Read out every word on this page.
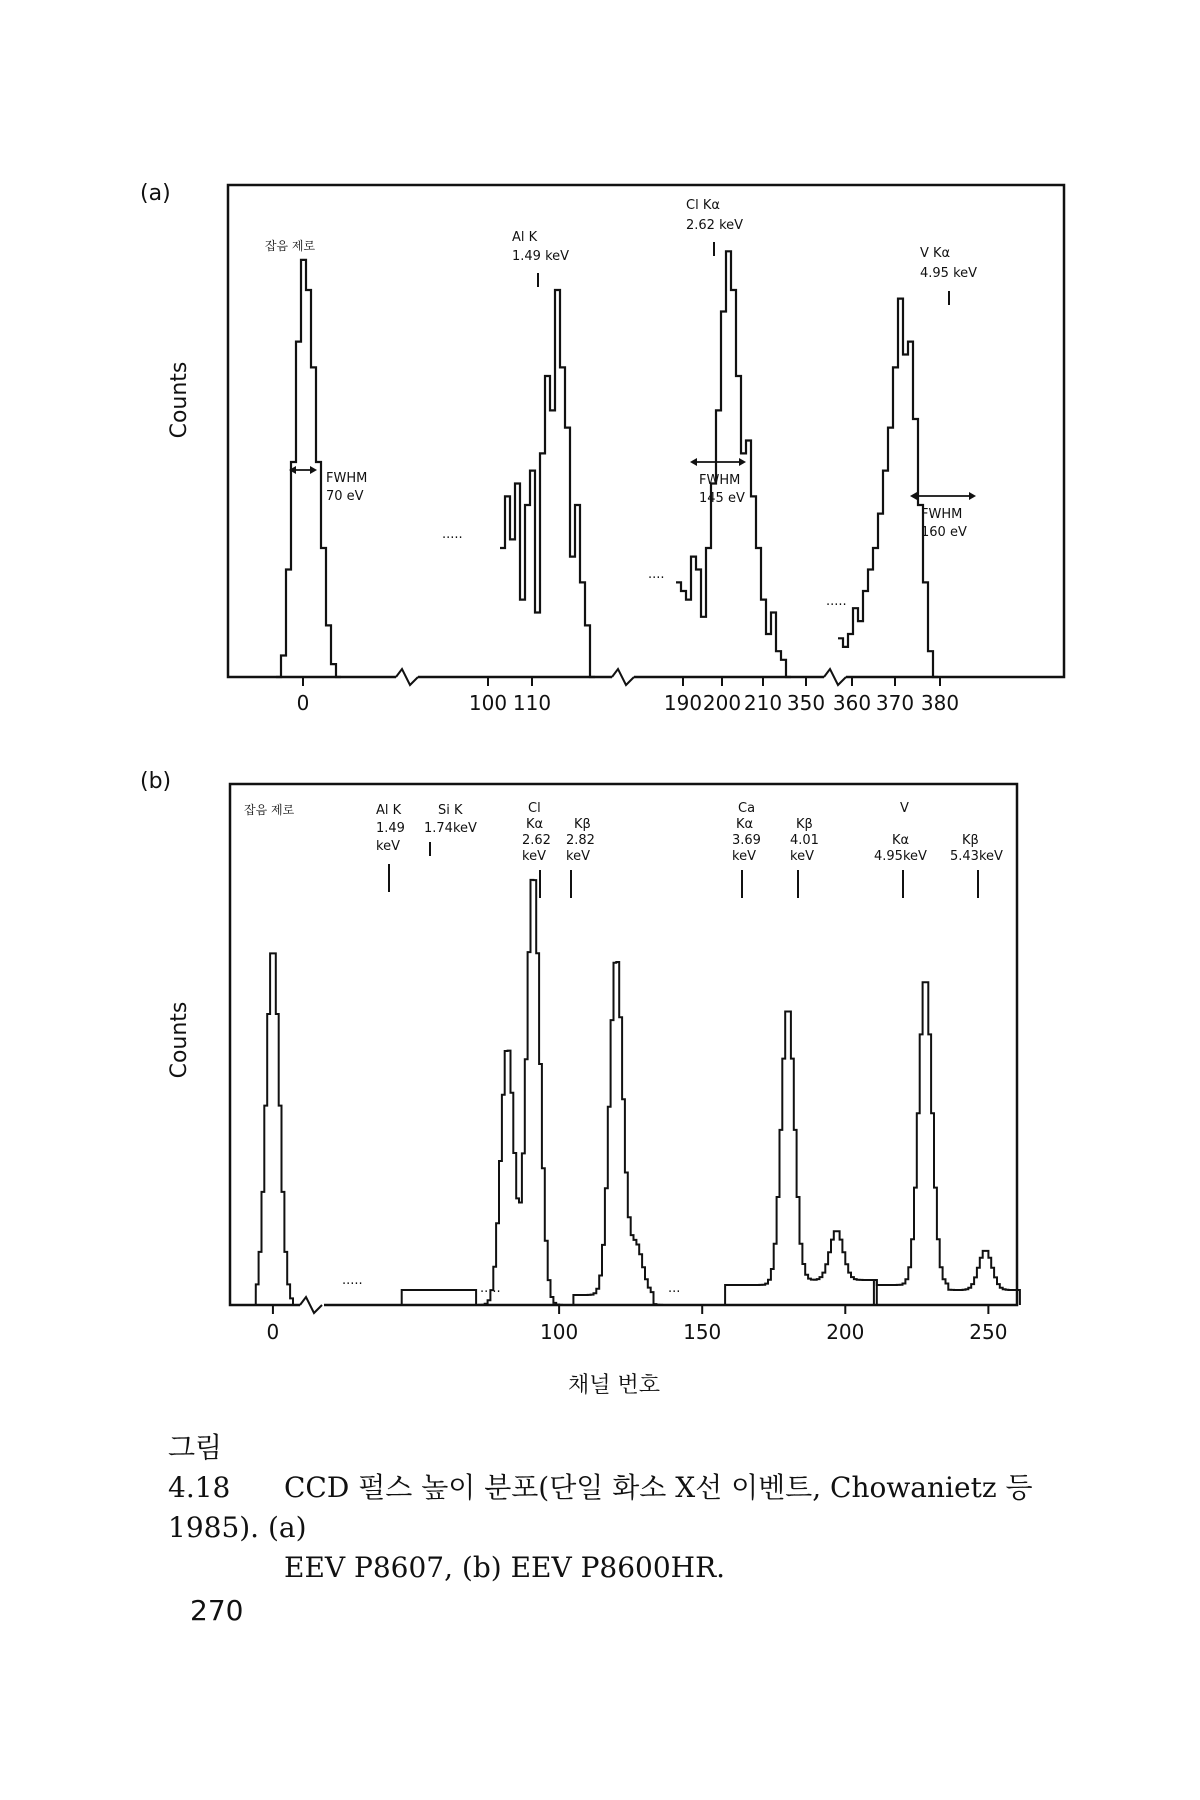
(a)
Counts
.....
....
.....
0	100 110	190 200 210 350 360 370 380
잡음 제로
Al K
1.49 keV
Cl Kα
2.62 keV
V Kα
4.95 keV
FWHM
70 eV
FWHM
145 eV
FWHM
160 eV
(b)
Counts
.....
.....	...
0	100	150	200	250
채널 번호
잡음 제로	Al K
1.49
keV
Si K
1.74keV
Cl
Kα
2.62
keV
Kβ
2.82
keV
Ca
Kα
3.69
keV
Kβ
4.01
keV
V
Kα
4.95keV
Kβ
5.43keV
그림 4.18 CCD 펄스 높이 분포(단일 화소 X선 이벤트, Chowanietz 등 1985). (a)
EEV P8607, (b) EEV P8600HR.
270
